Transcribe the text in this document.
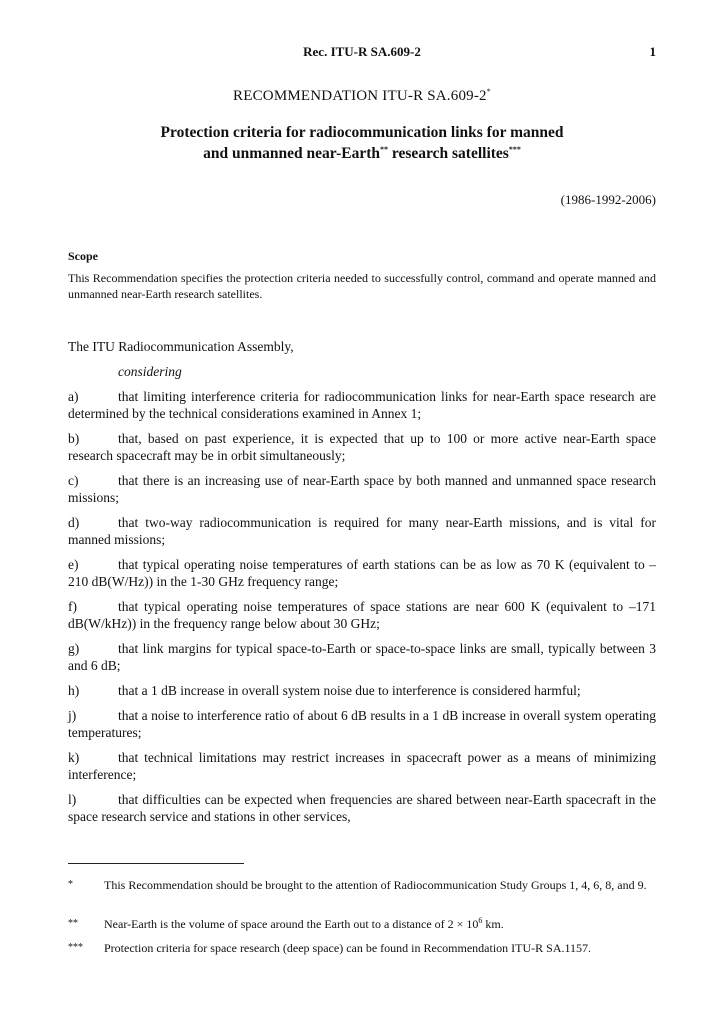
Rec. ITU-R SA.609-2	1
RECOMMENDATION ITU-R SA.609-2*
Protection criteria for radiocommunication links for manned
and unmanned near-Earth** research satellites***
(1986-1992-2006)
Scope
This Recommendation specifies the protection criteria needed to successfully control, command and operate manned and unmanned near-Earth research satellites.
The ITU Radiocommunication Assembly,
considering
a)	that limiting interference criteria for radiocommunication links for near-Earth space research are determined by the technical considerations examined in Annex 1;
b)	that, based on past experience, it is expected that up to 100 or more active near-Earth space research spacecraft may be in orbit simultaneously;
c)	that there is an increasing use of near-Earth space by both manned and unmanned space research missions;
d)	that two-way radiocommunication is required for many near-Earth missions, and is vital for manned missions;
e)	that typical operating noise temperatures of earth stations can be as low as 70 K (equivalent to –210 dB(W/Hz)) in the 1-30 GHz frequency range;
f)	that typical operating noise temperatures of space stations are near 600 K (equivalent to –171 dB(W/kHz)) in the frequency range below about 30 GHz;
g)	that link margins for typical space-to-Earth or space-to-space links are small, typically between 3 and 6 dB;
h)	that a 1 dB increase in overall system noise due to interference is considered harmful;
j)	that a noise to interference ratio of about 6 dB results in a 1 dB increase in overall system operating temperatures;
k)	that technical limitations may restrict increases in spacecraft power as a means of minimizing interference;
l)	that difficulties can be expected when frequencies are shared between near-Earth spacecraft in the space research service and stations in other services,
*	This Recommendation should be brought to the attention of Radiocommunication Study Groups 1, 4, 6, 8, and 9.
** Near-Earth is the volume of space around the Earth out to a distance of $2 \times 10^6$ km.
*** Protection criteria for space research (deep space) can be found in Recommendation ITU-R SA.1157.
